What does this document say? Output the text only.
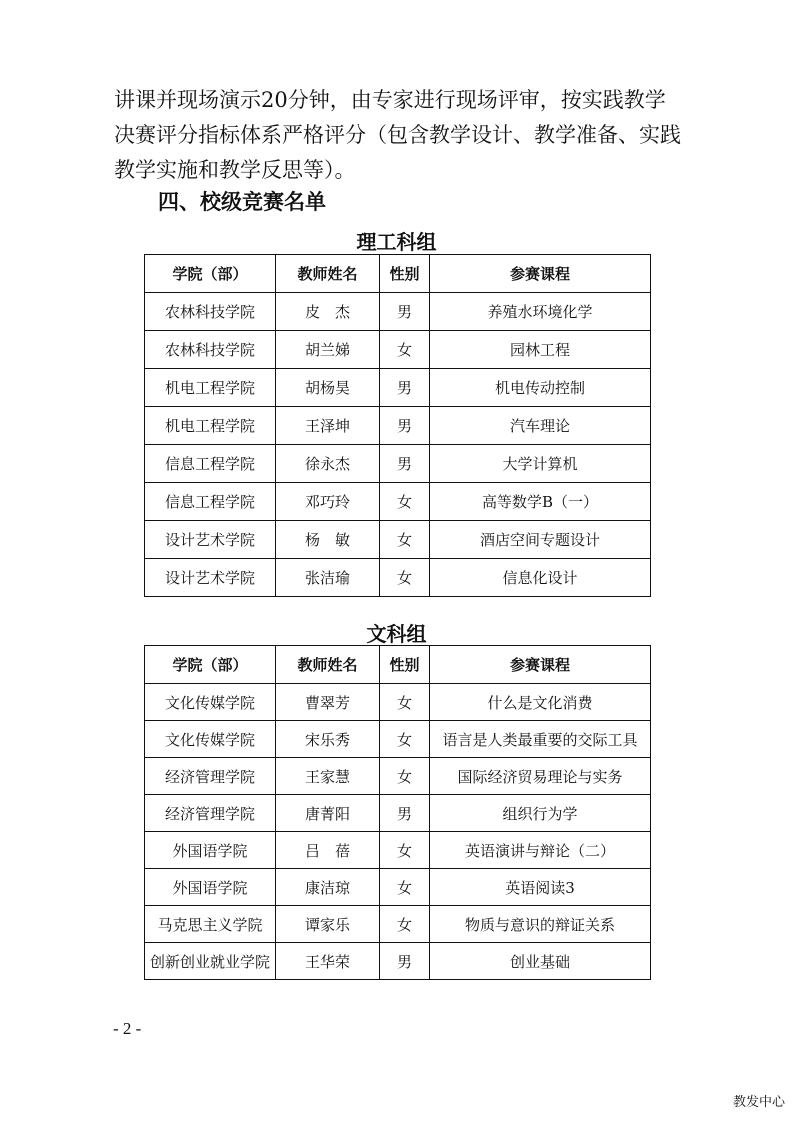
讲课并现场演示20分钟，由专家进行现场评审，按实践教学
决赛评分指标体系严格评分（包含教学设计、教学准备、实践
教学实施和教学反思等）。
四、校级竞赛名单
理工科组
学院（部）	教师姓名	性别	参赛课程
农林科技学院	皮　杰	男	养殖水环境化学
农林科技学院	胡兰娣	女	园林工程
机电工程学院	胡杨昊	男	机电传动控制
机电工程学院	王泽坤	男	汽车理论
信息工程学院	徐永杰	男	大学计算机
信息工程学院	邓巧玲	女	高等数学B（一）
设计艺术学院	杨　敏	女	酒店空间专题设计
设计艺术学院	张洁瑜	女	信息化设计
文科组
学院（部）	教师姓名	性别	参赛课程
文化传媒学院	曹翠芳	女	什么是文化消费
文化传媒学院	宋乐秀	女	语言是人类最重要的交际工具
经济管理学院	王家慧	女	国际经济贸易理论与实务
经济管理学院	唐菁阳	男	组织行为学
外国语学院	吕　蓓	女	英语演讲与辩论（二）
外国语学院	康洁琼	女	英语阅读3
马克思主义学院	谭家乐	女	物质与意识的辩证关系
创新创业就业学院	王华荣	男	创业基础
- 2 -
教发中心
